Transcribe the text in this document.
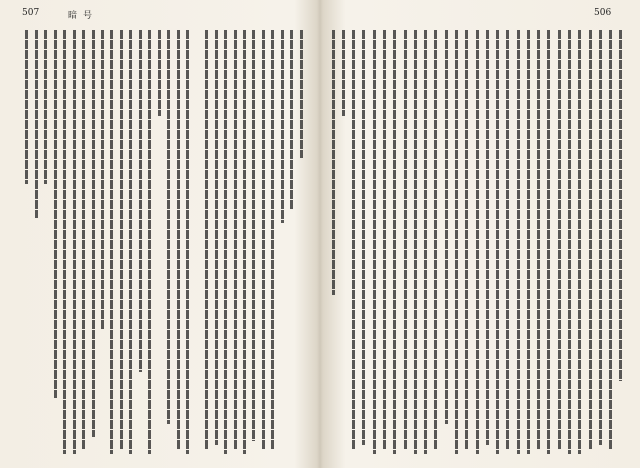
507	暗号	506
